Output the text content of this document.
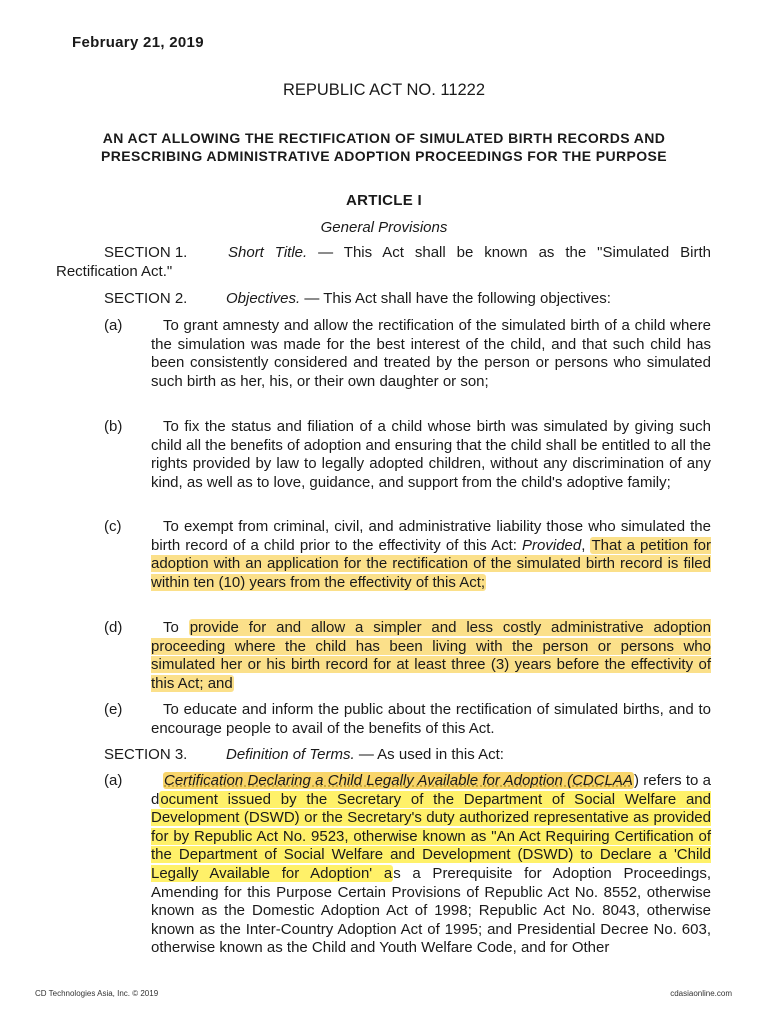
February 21, 2019
REPUBLIC ACT NO. 11222
AN ACT ALLOWING THE RECTIFICATION OF SIMULATED BIRTH RECORDS AND PRESCRIBING ADMINISTRATIVE ADOPTION PROCEEDINGS FOR THE PURPOSE
ARTICLE I
General Provisions
SECTION 1.	Short Title. — This Act shall be known as the "Simulated Birth Rectification Act."
SECTION 2.	Objectives. — This Act shall have the following objectives:
(a)	To grant amnesty and allow the rectification of the simulated birth of a child where the simulation was made for the best interest of the child, and that such child has been consistently considered and treated by the person or persons who simulated such birth as her, his, or their own daughter or son;
(b)	To fix the status and filiation of a child whose birth was simulated by giving such child all the benefits of adoption and ensuring that the child shall be entitled to all the rights provided by law to legally adopted children, without any discrimination of any kind, as well as to love, guidance, and support from the child's adoptive family;
(c)	To exempt from criminal, civil, and administrative liability those who simulated the birth record of a child prior to the effectivity of this Act: Provided, That a petition for adoption with an application for the rectification of the simulated birth record is filed within ten (10) years from the effectivity of this Act;
(d)	To provide for and allow a simpler and less costly administrative adoption proceeding where the child has been living with the person or persons who simulated her or his birth record for at least three (3) years before the effectivity of this Act; and
(e)	To educate and inform the public about the rectification of simulated births, and to encourage people to avail of the benefits of this Act.
SECTION 3.	Definition of Terms. — As used in this Act:
(a)	Certification Declaring a Child Legally Available for Adoption (CDCLAA) refers to a document issued by the Secretary of the Department of Social Welfare and Development (DSWD) or the Secretary's duty authorized representative as provided for by Republic Act No. 9523, otherwise known as "An Act Requiring Certification of the Department of Social Welfare and Development (DSWD) to Declare a 'Child Legally Available for Adoption' as a Prerequisite for Adoption Proceedings, Amending for this Purpose Certain Provisions of Republic Act No. 8552, otherwise known as the Domestic Adoption Act of 1998; Republic Act No. 8043, otherwise known as the Inter-Country Adoption Act of 1995; and Presidential Decree No. 603, otherwise known as the Child and Youth Welfare Code, and for Other
CD Technologies Asia, Inc. © 2019	cdasiaonline.com
